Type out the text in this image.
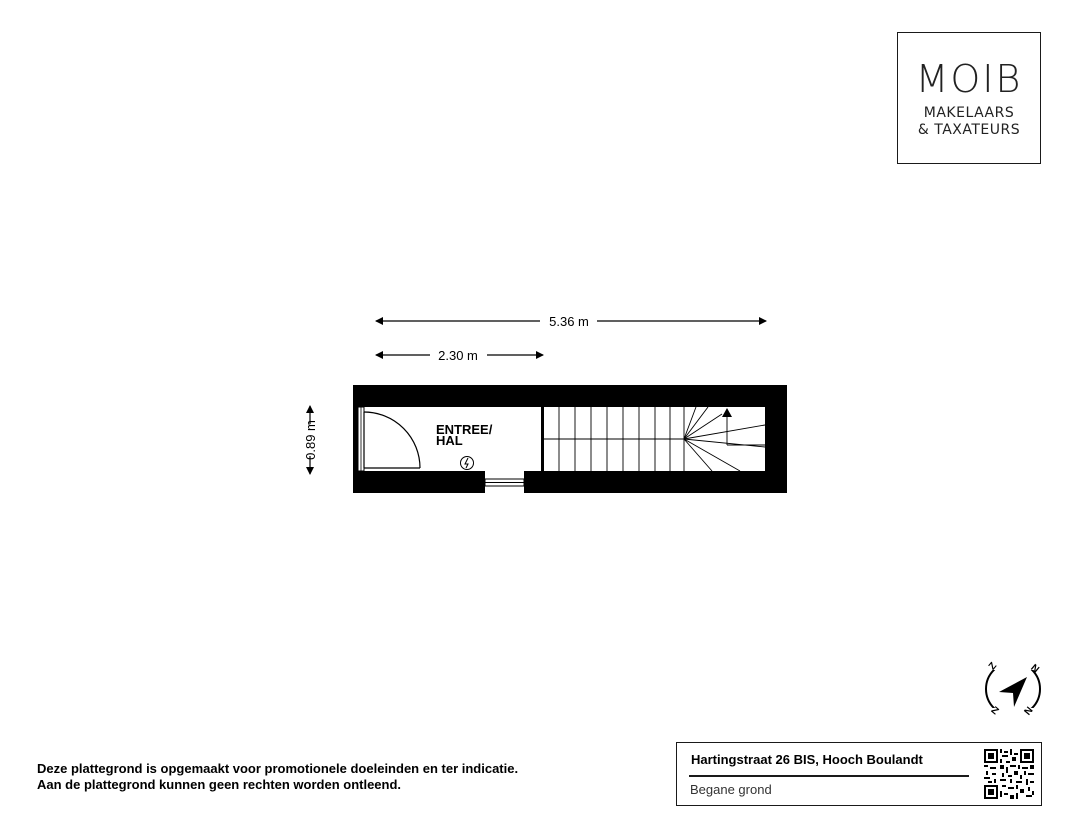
5.36 m
2.30 m
0.89 m	ENTREE/
HAL
N
Z
Z
N
MOIB
MAKELAARS
& TAXATEURS
Deze plattegrond is opgemaakt voor promotionele doeleinden en ter indicatie.
Aan de plattegrond kunnen geen rechten worden ontleend.
Hartingstraat 26 BIS, Hooch Boulandt
Begane grond
